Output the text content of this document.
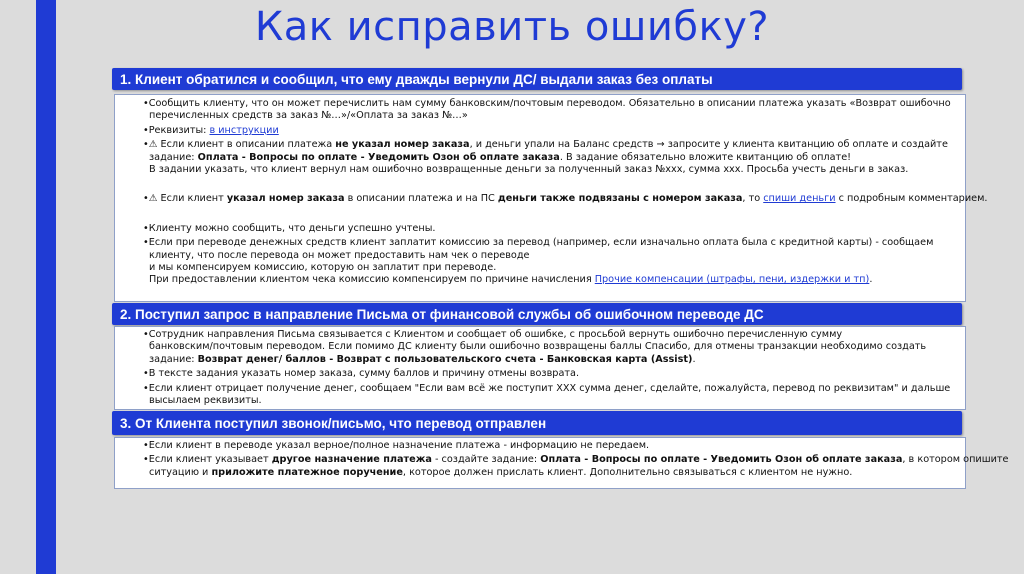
Как исправить ошибку?
1. Клиент обратился и сообщил, что ему дважды вернули ДС/ выдали заказ без оплаты
•Сообщить клиенту, что он может перечислить нам сумму банковским/почтовым переводом. Обязательно в описании платежа указать «Возврат ошибочно
перечисленных средств за заказ №…»/«Оплата за заказ №…»
•Реквизиты: в инструкции
•⚠ Если клиент в описании платежа не указал номер заказа, и деньги упали на Баланс средств → запросите у клиента квитанцию об оплате и создайте
задание: Оплата - Вопросы по оплате - Уведомить Озон об оплате заказа. В задание обязательно вложите квитанцию об оплате!
В задании указать, что клиент вернул нам ошибочно возвращенные деньги за полученный заказ №ххх, сумма ххх. Просьба учесть деньги в заказ.
•⚠ Если клиент указал номер заказа в описании платежа и на ПС деньги также подвязаны с номером заказа, то спиши деньги с подробным комментарием.
•Клиенту можно сообщить, что деньги успешно учтены.
•Если при переводе денежных средств клиент заплатит комиссию за перевод (например, если изначально оплата была с кредитной карты) - сообщаем
клиенту, что после перевода он может предоставить нам чек о переводе
и мы компенсируем комиссию, которую он заплатит при переводе.
При предоставлении клиентом чека комиссию компенсируем по причине начисления Прочие компенсации (штрафы, пени, издержки и тп).
2. Поступил запрос в направление Письма от финансовой службы об ошибочном переводе ДС
•Сотрудник направления Письма связывается с Клиентом и сообщает об ошибке, с просьбой вернуть ошибочно перечисленную сумму
банковским/почтовым переводом. Если помимо ДС клиенту были ошибочно возвращены баллы Спасибо, для отмены транзакции необходимо создать
задание: Возврат денег/ баллов - Возврат с пользовательского счета - Банковская карта (Assist).
•В тексте задания указать номер заказа, сумму баллов и причину отмены возврата.
•Если клиент отрицает получение денег, сообщаем "Если вам всё же поступит ХХХ сумма денег, сделайте, пожалуйста, перевод по реквизитам" и дальше
высылаем реквизиты.
3. От Клиента поступил звонок/письмо, что перевод отправлен
•Если клиент в переводе указал верное/полное назначение платежа - информацию не передаем.
•Если клиент указывает другое назначение платежа - создайте задание: Оплата - Вопросы по оплате - Уведомить Озон об оплате заказа, в котором опишите
ситуацию и приложите платежное поручение, которое должен прислать клиент. Дополнительно связываться с клиентом не нужно.
